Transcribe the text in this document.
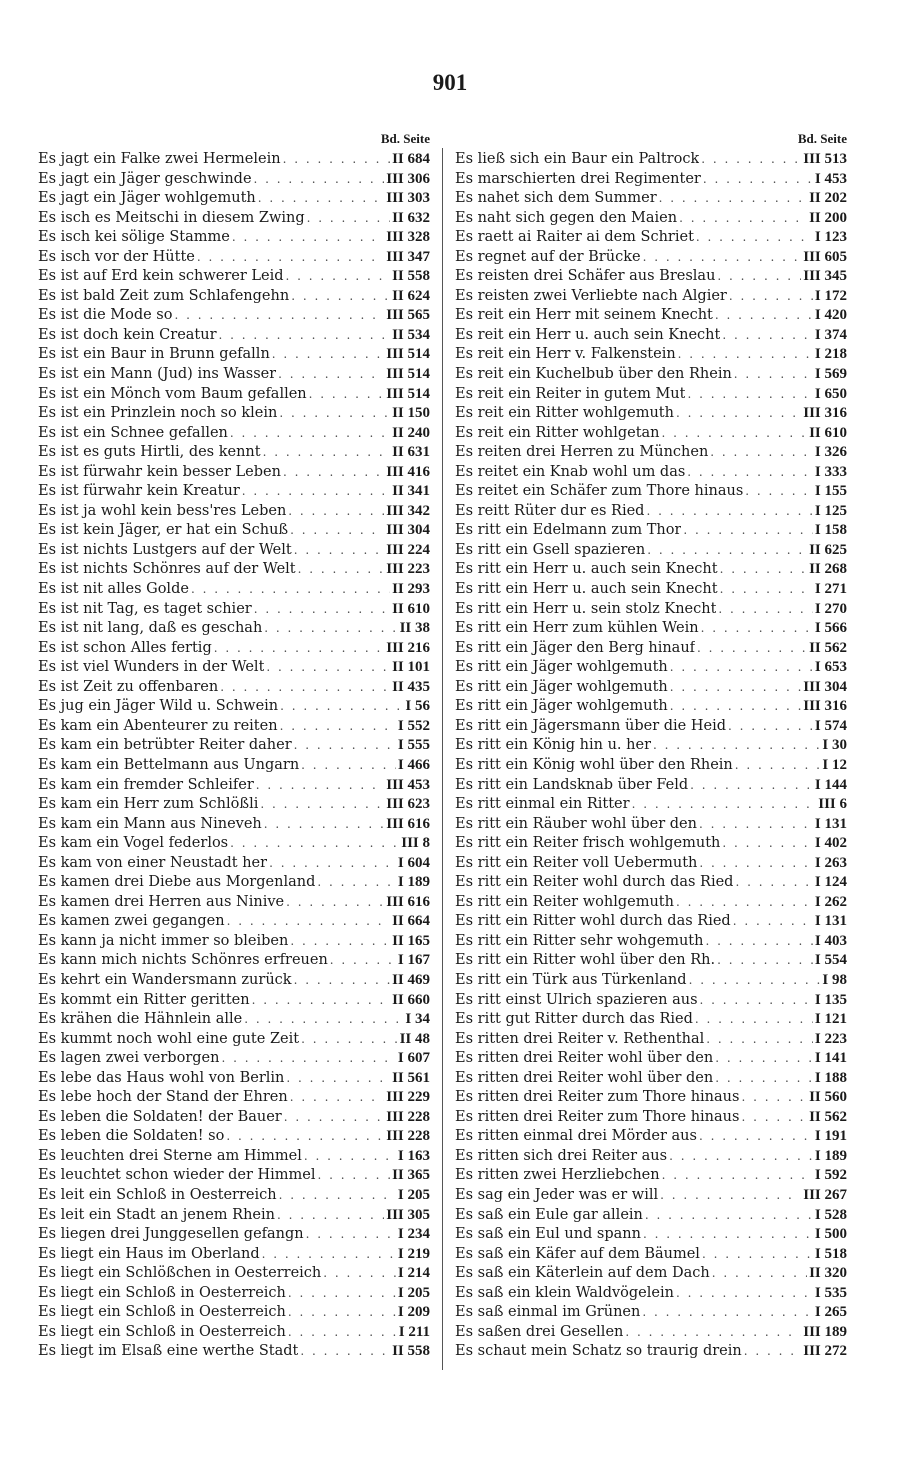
901
Bd. Seite
Es jagt ein Falke zwei Hermelein . . .	II 684
Es jagt ein Jäger geschwinde . . .	III 306
Es jagt ein Jäger wohlgemuth . . .	III 303
Es isch es Meitschi in diesem Zwing . . .	II 632
Es isch kei sölige Stamme . . .	III 328
Es isch vor der Hütte . . .	III 347
Es ist auf Erd kein schwerer Leid . . .	II 558
Es ist bald Zeit zum Schlafengehn . . .	II 624
Es ist die Mode so . . .	III 565
Es ist doch kein Creatur . . .	II 534
Es ist ein Baur in Brunn gefalln . . .	III 514
Es ist ein Mann (Jud) ins Wasser . . .	III 514
Es ist ein Mönch vom Baum gefallen . . .	III 514
Es ist ein Prinzlein noch so klein . . .	II 150
Es ist ein Schnee gefallen . . .	II 240
Es ist es guts Hirtli, des kennt . . .	II 631
Es ist fürwahr kein besser Leben . . .	III 416
Es ist fürwahr kein Kreatur . . .	II 341
Es ist ja wohl kein bess'res Leben . . .	III 342
Es ist kein Jäger, er hat ein Schuß . . .	III 304
Es ist nichts Lustgers auf der Welt . . .	III 224
Es ist nichts Schönres auf der Welt . . .	III 223
Es ist nit alles Golde . . .	II 293
Es ist nit Tag, es taget schier . . .	II 610
Es ist nit lang, daß es geschah . . .	II 38
Es ist schon Alles fertig . . .	III 216
Es ist viel Wunders in der Welt . . .	II 101
Es ist Zeit zu offenbaren . . .	II 435
Es jug ein Jäger Wild u. Schwein . . .	I 56
Es kam ein Abenteurer zu reiten . . .	I 552
Es kam ein betrübter Reiter daher . . .	I 555
Es kam ein Bettelmann aus Ungarn . . .	I 466
Es kam ein fremder Schleifer . . .	III 453
Es kam ein Herr zum Schlößli . . .	III 623
Es kam ein Mann aus Nineveh . . .	III 616
Es kam ein Vogel federlos . . .	III 8
Es kam von einer Neustadt her . . .	I 604
Es kamen drei Diebe aus Morgenland . . .	I 189
Es kamen drei Herren aus Ninive . . .	III 616
Es kamen zwei gegangen . . .	II 664
Es kann ja nicht immer so bleiben . . .	II 165
Es kann mich nichts Schönres erfreuen . . .	I 167
Es kehrt ein Wandersmann zurück . . .	II 469
Es kommt ein Ritter geritten . . .	II 660
Es krähen die Hähnlein alle . . .	I 34
Es kummt noch wohl eine gute Zeit . . .	II 48
Es lagen zwei verborgen . . .	I 607
Es lebe das Haus wohl von Berlin . . .	II 561
Es lebe hoch der Stand der Ehren . . .	III 229
Es leben die Soldaten! der Bauer . . .	III 228
Es leben die Soldaten! so . . .	III 228
Es leuchten drei Sterne am Himmel . . .	I 163
Es leuchtet schon wieder der Himmel . . .	II 365
Es leit ein Schloß in Oesterreich . . .	I 205
Es leit ein Stadt an jenem Rhein . . .	III 305
Es liegen drei Junggesellen gefangn . . .	I 234
Es liegt ein Haus im Oberland . . .	I 219
Es liegt ein Schlößchen in Oesterreich . . .	I 214
Es liegt ein Schloß in Oesterreich . . .	I 205
Es liegt ein Schloß in Oesterreich . . .	I 209
Es liegt ein Schloß in Oesterreich . . .	I 211
Es liegt im Elsaß eine werthe Stadt . . .	II 558
Bd. Seite
Es ließ sich ein Baur ein Paltrock . . .	III 513
Es marschierten drei Regimenter . . .	I 453
Es nahet sich dem Summer . . .	II 202
Es naht sich gegen den Maien . . .	II 200
Es raett ai Raiter ai dem Schriet . . .	I 123
Es regnet auf der Brücke . . .	III 605
Es reisten drei Schäfer aus Breslau . . .	III 345
Es reisten zwei Verliebte nach Algier . . .	I 172
Es reit ein Herr mit seinem Knecht . . .	I 420
Es reit ein Herr u. auch sein Knecht . . .	I 374
Es reit ein Herr v. Falkenstein . . .	I 218
Es reit ein Kuchelbub über den Rhein . . .	I 569
Es reit ein Reiter in gutem Mut . . .	I 650
Es reit ein Ritter wohlgemuth . . .	III 316
Es reit ein Ritter wohlgetan . . .	II 610
Es reiten drei Herren zu München . . .	I 326
Es reitet ein Knab wohl um das . . .	I 333
Es reitet ein Schäfer zum Thore hinaus . . .	I 155
Es reitt Rüter dur es Ried . . .	I 125
Es ritt ein Edelmann zum Thor . . .	I 158
Es ritt ein Gsell spazieren . . .	II 625
Es ritt ein Herr u. auch sein Knecht . . .	II 268
Es ritt ein Herr u. auch sein Knecht . . .	I 271
Es ritt ein Herr u. sein stolz Knecht . . .	I 270
Es ritt ein Herr zum kühlen Wein . . .	I 566
Es ritt ein Jäger den Berg hinauf . . .	II 562
Es ritt ein Jäger wohlgemuth . . .	I 653
Es ritt ein Jäger wohlgemuth . . .	III 304
Es ritt ein Jäger wohlgemuth . . .	III 316
Es ritt ein Jägersmann über die Heid . . .	I 574
Es ritt ein König hin u. her . . .	I 30
Es ritt ein König wohl über den Rhein . . .	I 12
Es ritt ein Landsknab über Feld . . .	I 144
Es ritt einmal ein Ritter . . .	III 6
Es ritt ein Räuber wohl über den . . .	I 131
Es ritt ein Reiter frisch wohlgemuth . . .	I 402
Es ritt ein Reiter voll Uebermuth . . .	I 263
Es ritt ein Reiter wohl durch das Ried . . .	I 124
Es ritt ein Reiter wohlgemuth . . .	I 262
Es ritt ein Ritter wohl durch das Ried . . .	I 131
Es ritt ein Ritter sehr wohgemuth . . .	I 403
Es ritt ein Ritter wohl über den Rh. . . .	I 554
Es ritt ein Türk aus Türkenland . . .	I 98
Es ritt einst Ulrich spazieren aus . . .	I 135
Es ritt gut Ritter durch das Ried . . .	I 121
Es ritten drei Reiter v. Rethenthal . . .	I 223
Es ritten drei Reiter wohl über den . . .	I 141
Es ritten drei Reiter wohl über den . . .	I 188
Es ritten drei Reiter zum Thore hinaus . . .	II 560
Es ritten drei Reiter zum Thore hinaus . . .	II 562
Es ritten einmal drei Mörder aus . . .	I 191
Es ritten sich drei Reiter aus . . .	I 189
Es ritten zwei Herzliebchen . . .	I 592
Es sag ein Jeder was er will . . .	III 267
Es saß ein Eule gar allein . . .	I 528
Es saß ein Eul und spann . . .	I 500
Es saß ein Käfer auf dem Bäumel . . .	I 518
Es saß ein Käterlein auf dem Dach . . .	II 320
Es saß ein klein Waldvögelein . . .	I 535
Es saß einmal im Grünen . . .	I 265
Es saßen drei Gesellen . . .	III 189
Es schaut mein Schatz so traurig drein . . .	III 272
